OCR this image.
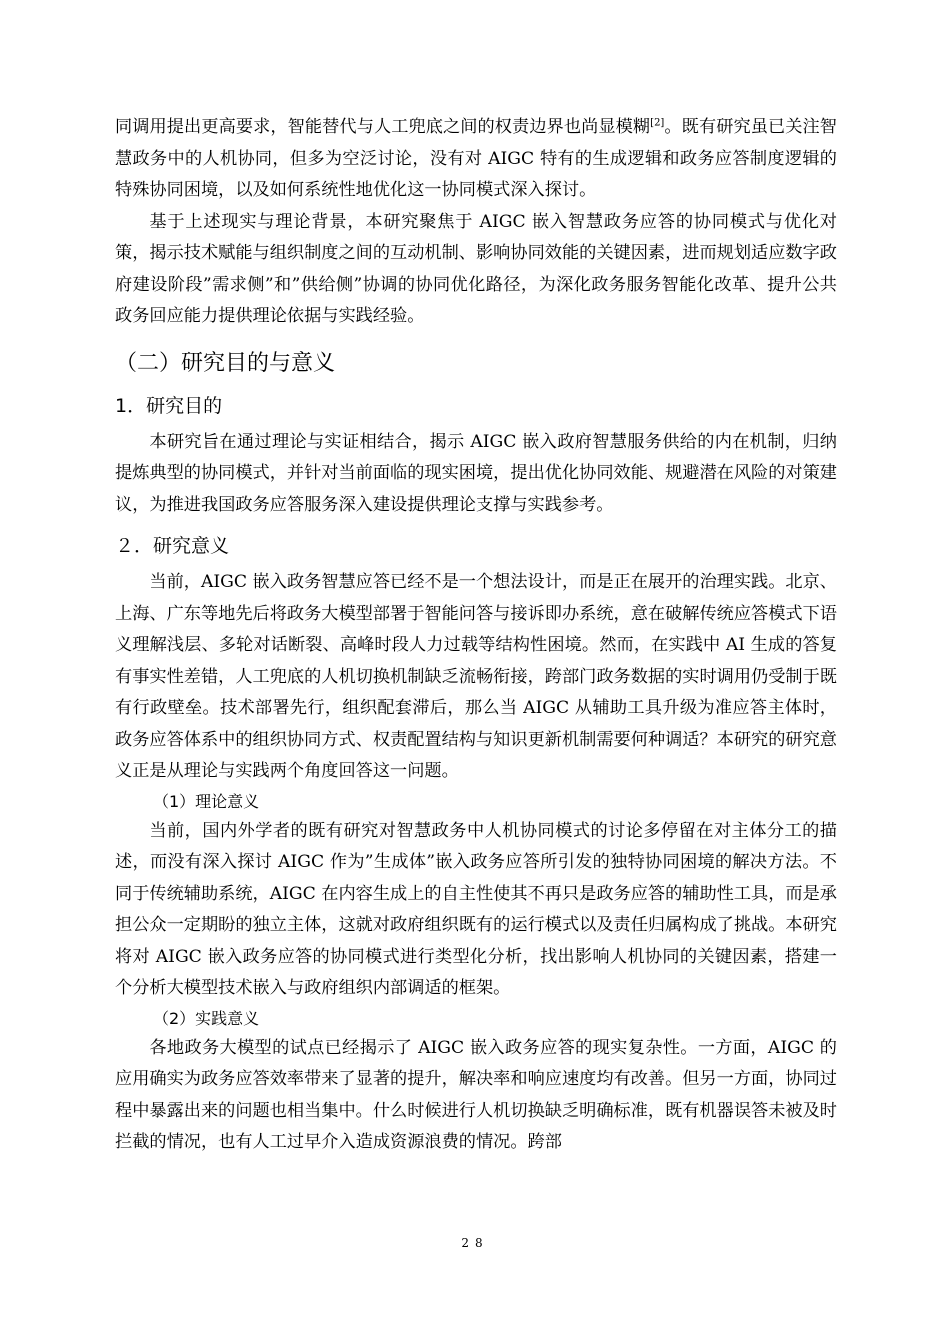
同调用提出更高要求，智能替代与人工兜底之间的权责边界也尚显模糊[2]。既有研究虽已关注智慧政务中的人机协同，但多为空泛讨论，没有对 AIGC 特有的生成逻辑和政务应答制度逻辑的特殊协同困境，以及如何系统性地优化这一协同模式深入探讨。

基于上述现实与理论背景，本研究聚焦于 AIGC 嵌入智慧政务应答的协同模式与优化对策，揭示技术赋能与组织制度之间的互动机制、影响协同效能的关键因素，进而规划适应数字政府建设阶段”需求侧”和”供给侧”协调的协同优化路径，为深化政务服务智能化改革、提升公共政务回应能力提供理论依据与实践经验。

（二）研究目的与意义
1．研究目的

本研究旨在通过理论与实证相结合，揭示 AIGC 嵌入政府智慧服务供给的内在机制，归纳提炼典型的协同模式，并针对当前面临的现实困境，提出优化协同效能、规避潜在风险的对策建议，为推进我国政务应答服务深入建设提供理论支撑与实践参考。

２．研究意义

当前，AIGC 嵌入政务智慧应答已经不是一个想法设计，而是正在展开的治理实践。北京、上海、广东等地先后将政务大模型部署于智能问答与接诉即办系统，意在破解传统应答模式下语义理解浅层、多轮对话断裂、高峰时段人力过载等结构性困境。然而，在实践中 AI 生成的答复有事实性差错，人工兜底的人机切换机制缺乏流畅衔接，跨部门政务数据的实时调用仍受制于既有行政壁垒。技术部署先行，组织配套滞后，那么当 AIGC 从辅助工具升级为准应答主体时，政务应答体系中的组织协同方式、权责配置结构与知识更新机制需要何种调适？本研究的研究意义正是从理论与实践两个角度回答这一问题。

（1）理论意义

当前，国内外学者的既有研究对智慧政务中人机协同模式的讨论多停留在对主体分工的描述，而没有深入探讨 AIGC 作为”生成体”嵌入政务应答所引发的独特协同困境的解决方法。不同于传统辅助系统，AIGC 在内容生成上的自主性使其不再只是政务应答的辅助性工具，而是承担公众一定期盼的独立主体，这就对政府组织既有的运行模式以及责任归属构成了挑战。本研究将对 AIGC 嵌入政务应答的协同模式进行类型化分析，找出影响人机协同的关键因素，搭建一个分析大模型技术嵌入与政府组织内部调适的框架。

（2）实践意义

各地政务大模型的试点已经揭示了 AIGC 嵌入政务应答的现实复杂性。一方面，AIGC 的应用确实为政务应答效率带来了显著的提升，解决率和响应速度均有改善。但另一方面，协同过程中暴露出来的问题也相当集中。什么时候进行人机切换缺乏明确标准，既有机器误答未被及时拦截的情况，也有人工过早介入造成资源浪费的情况。跨部

28
